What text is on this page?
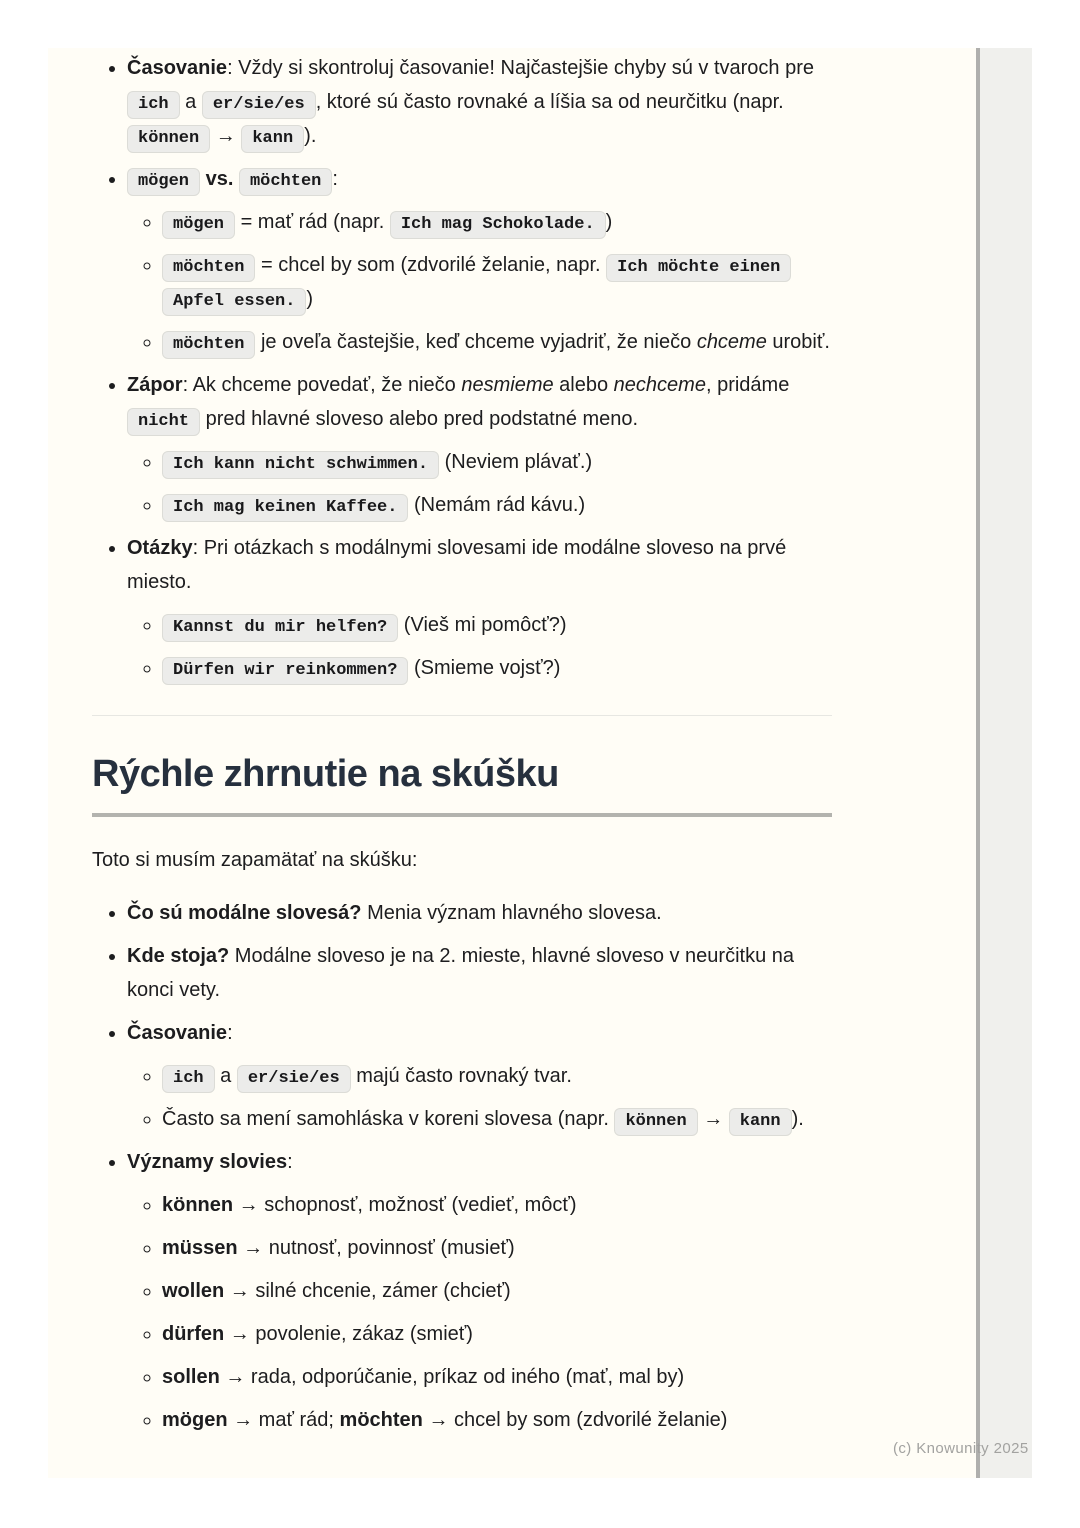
• Časovanie: Vždy si skontroluj časovanie! Najčastejšie chyby sú v tvaroch pre ich a er/sie/es , ktoré sú často rovnaké a líšia sa od neurčitku (napr. können → kann ).
• mögen vs. möchten :
◦ mögen = mať rád (napr. Ich mag Schokolade. )
◦ möchten = chcel by som (zdvorilé želanie, napr. Ich möchte einen
Apfel essen. )
◦ möchten je oveľa častejšie, keď chceme vyjadriť, že niečo chceme urobiť.
• Zápor: Ak chceme povedať, že niečo nesmieme alebo nechceme, pridáme nicht pred hlavné sloveso alebo pred podstatné meno.
◦ Ich kann nicht schwimmen. (Neviem plávať.)
◦ Ich mag keinen Kaffee. (Nemám rád kávu.)
• Otázky: Pri otázkach s modálnymi slovesami ide modálne sloveso na prvé miesto.
◦ Kannst du mir helfen? (Vieš mi pomôcť?)
◦ Dürfen wir reinkommen? (Smieme vojsť?)
Rýchle zhrnutie na skúšku

Toto si musím zapamätať na skúšku:

• Čo sú modálne slovesá? Menia význam hlavného slovesa.
• Kde stoja? Modálne sloveso je na 2. mieste, hlavné sloveso v neurčitku na konci vety.
• Časovanie:
◦ ich a er/sie/es majú často rovnaký tvar.
◦ Často sa mení samohláska v koreni slovesa (napr. können → kann ).
• Významy slovies:
◦ können → schopnosť, možnosť (vedieť, môcť)
◦ müssen → nutnosť, povinnosť (musieť)
◦ wollen → silné chcenie, zámer (chcieť)
◦ dürfen → povolenie, zákaz (smieť)
◦ sollen → rada, odporúčanie, príkaz od iného (mať, mal by)
◦ mögen → mať rád; möchten → chcel by som (zdvorilé želanie)
(c) Knowunity 2025
